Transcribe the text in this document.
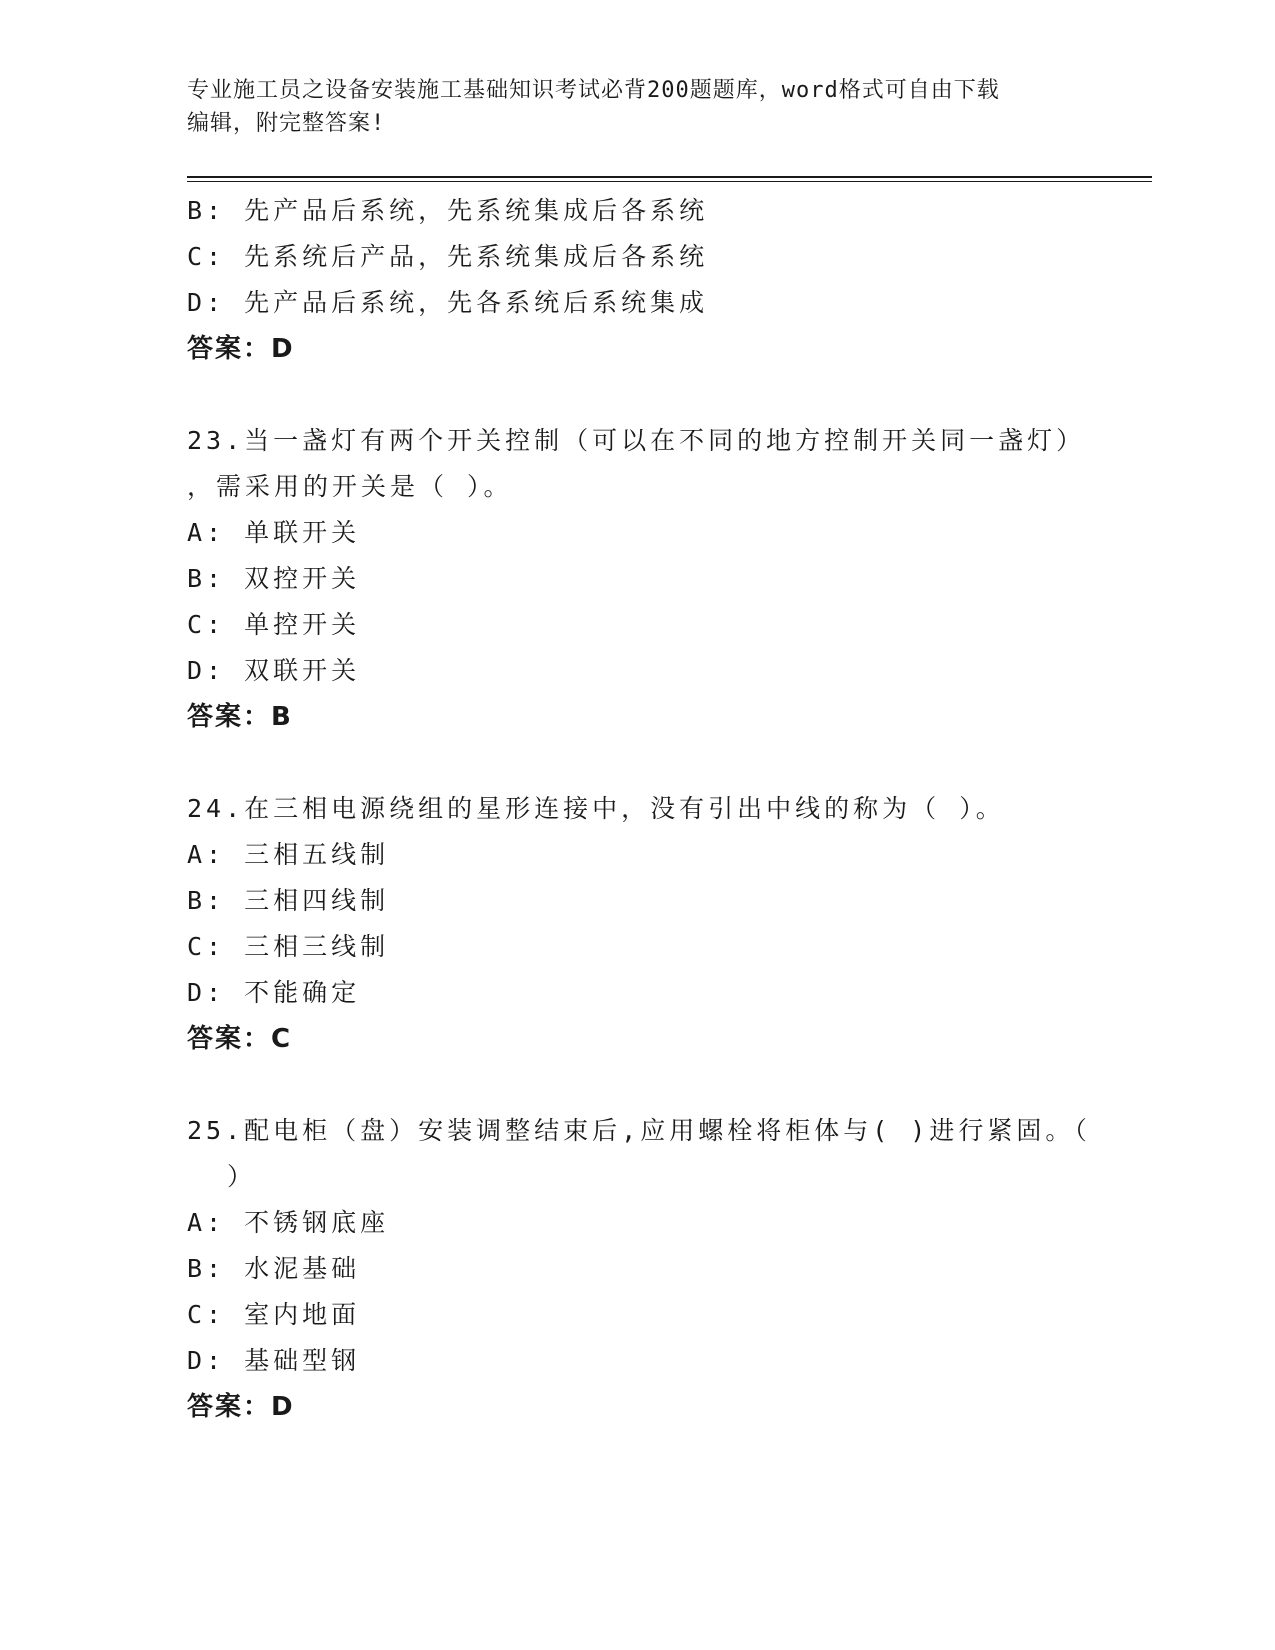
专业施工员之设备安装施工基础知识考试必背200题题库，word格式可自由下载
编辑，附完整答案!
B: 先产品后系统，先系统集成后各系统
C: 先系统后产品，先系统集成后各系统
D: 先产品后系统，先各系统后系统集成
答案：D
23.当一盏灯有两个开关控制（可以在不同的地方控制开关同一盏灯）
，需采用的开关是（ ）。
A: 单联开关
B: 双控开关
C: 单控开关
D: 双联开关
答案：B
24.在三相电源绕组的星形连接中，没有引出中线的称为（ ）。
A: 三相五线制
B: 三相四线制
C: 三相三线制
D: 不能确定
答案：C
25.配电柜（盘）安装调整结束后,应用螺栓将柜体与( )进行紧固。（
）
A: 不锈钢底座
B: 水泥基础
C: 室内地面
D: 基础型钢
答案：D
